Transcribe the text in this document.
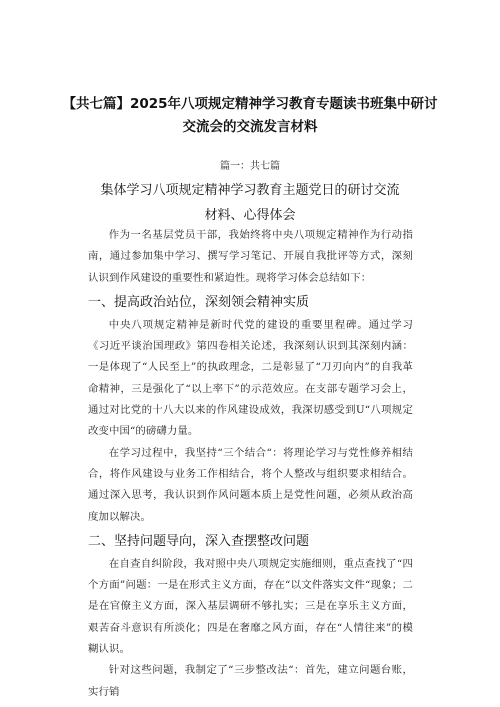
【共七篇】2025年八项规定精神学习教育专题读书班集中研讨
交流会的交流发言材料
篇一：共七篇
集体学习八项规定精神学习教育主题党日的研讨交流
材料、心得体会

作为一名基层党员干部，我始终将中央八项规定精神作为行动指南，通过参加集中学习、撰写学习笔记、开展自我批评等方式，深刻认识到作风建设的重要性和紧迫性。现将学习体会总结如下：

一、提高政治站位，深刻领会精神实质

中央八项规定精神是新时代党的建设的重要里程碑。通过学习《习近平谈治国理政》第四卷相关论述，我深刻认识到其深刻内涵：一是体现了“人民至上”的执政理念，二是彰显了“刀刃向内”的自我革命精神，三是强化了“以上率下”的示范效应。在支部专题学习会上，通过对比党的十八大以来的作风建设成效，我深切感受到U“八项规定改变中国“的磅礴力量。

在学习过程中，我坚持“三个结合“：将理论学习与党性修养相结合，将作风建设与业务工作相结合，将个人整改与组织要求相结合。通过深入思考，我认识到作风问题本质上是党性问题，必须从政治高度加以解决。

二、坚持问题导向，深入查摆整改问题

在自查自纠阶段，我对照中央八项规定实施细则，重点查找了“四个方面”问题：一是在形式主义方面，存在“以文件落实文件“现象；二是在官僚主义方面，深入基层调研不够扎实；三是在享乐主义方面，艰苦奋斗意识有所淡化；四是在奢靡之风方面，存在“人情往来”的模糊认识。

针对这些问题，我制定了“三步整改法“：首先，建立问题台账，实行销
